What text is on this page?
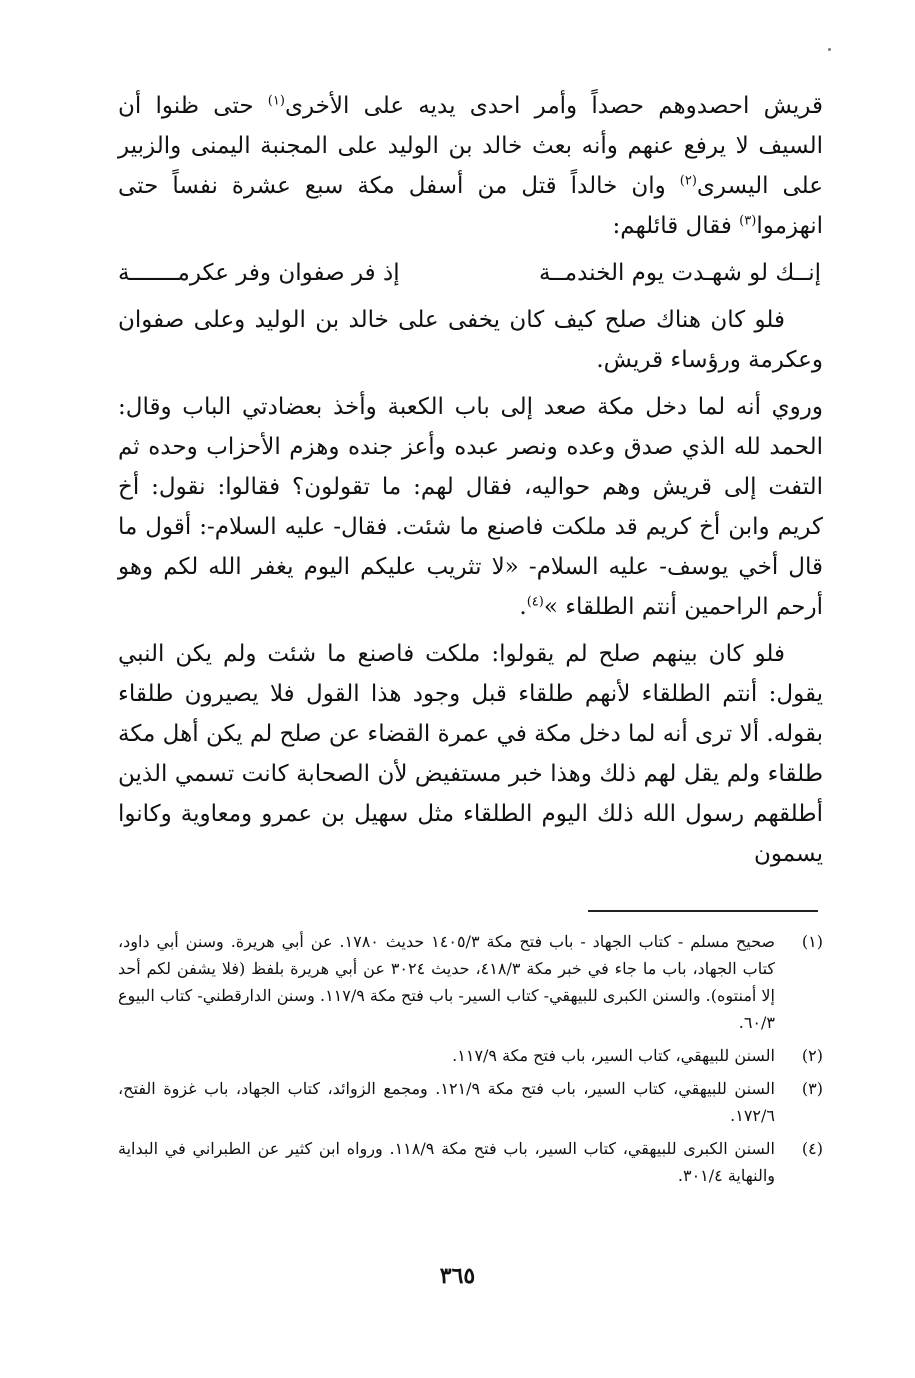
قريش احصدوهم حصداً وأمر احدى يديه على الأخرى$^{(١)}$ حتى ظنوا أن السيف لا يرفع عنهم وأنه بعث خالد بن الوليد على المجنبة اليمنى والزبير على اليسرى$^{(٢)}$ وان خالداً قتل من أسفل مكة سبع عشرة نفساً حتى انهزموا$^{(٣)}$ فقال قائلهم:

إنــك لو شهـدت يوم الخندمــة
إذ فر صفوان وفر عكرمـــــــة

فلو كان هناك صلح كيف كان يخفى على خالد بن الوليد وعلى صفوان وعكرمة ورؤساء قريش.

وروي أنه لما دخل مكة صعد إلى باب الكعبة وأخذ بعضادتي الباب وقال: الحمد لله الذي صدق وعده ونصر عبده وأعز جنده وهزم الأحزاب وحده ثم التفت إلى قريش وهم حواليه، فقال لهم: ما تقولون؟ فقالوا: نقول: أخ كريم وابن أخ كريم قد ملكت فاصنع ما شئت. فقال- عليه السلام-: أقول ما قال أخي يوسف- عليه السلام- «لا تثريب عليكم اليوم يغفر الله لكم وهو أرحم الراحمين أنتم الطلقاء »$^{(٤)}$.

فلو كان بينهم صلح لم يقولوا: ملكت فاصنع ما شئت ولم يكن النبي يقول: أنتم الطلقاء لأنهم طلقاء قبل وجود هذا القول فلا يصيرون طلقاء بقوله. ألا ترى أنه لما دخل مكة في عمرة القضاء عن صلح لم يكن أهل مكة طلقاء ولم يقل لهم ذلك وهذا خبر مستفيض لأن الصحابة كانت تسمي الذين أطلقهم رسول الله ذلك اليوم الطلقاء مثل سهيل بن عمرو ومعاوية وكانوا يسمون

(١)
صحيح مسلم - كتاب الجهاد - باب فتح مكة ١٤٠٥/٣ حديث ١٧٨٠. عن أبي هريرة. وسنن أبي داود، كتاب الجهاد، باب ما جاء في خبر مكة ٤١٨/٣، حديث ٣٠٢٤ عن أبي هريرة بلفظ (فلا يشفن لكم أحد إلا أمنتوه). والسنن الكبرى للبيهقي- كتاب السير- باب فتح مكة ١١٧/٩. وسنن الدارقطني- كتاب البيوع ٦٠/٣.
(٢)
السنن للبيهقي، كتاب السير، باب فتح مكة ١١٧/٩.
(٣)
السنن للبيهقي، كتاب السير، باب فتح مكة ١٢١/٩. ومجمع الزوائد، كتاب الجهاد، باب غزوة الفتح، ١٧٢/٦.
(٤)
السنن الكبرى للبيهقي، كتاب السير، باب فتح مكة ١١٨/٩. ورواه ابن كثير عن الطبراني في البداية والنهاية ٣٠١/٤.
٣٦٥
